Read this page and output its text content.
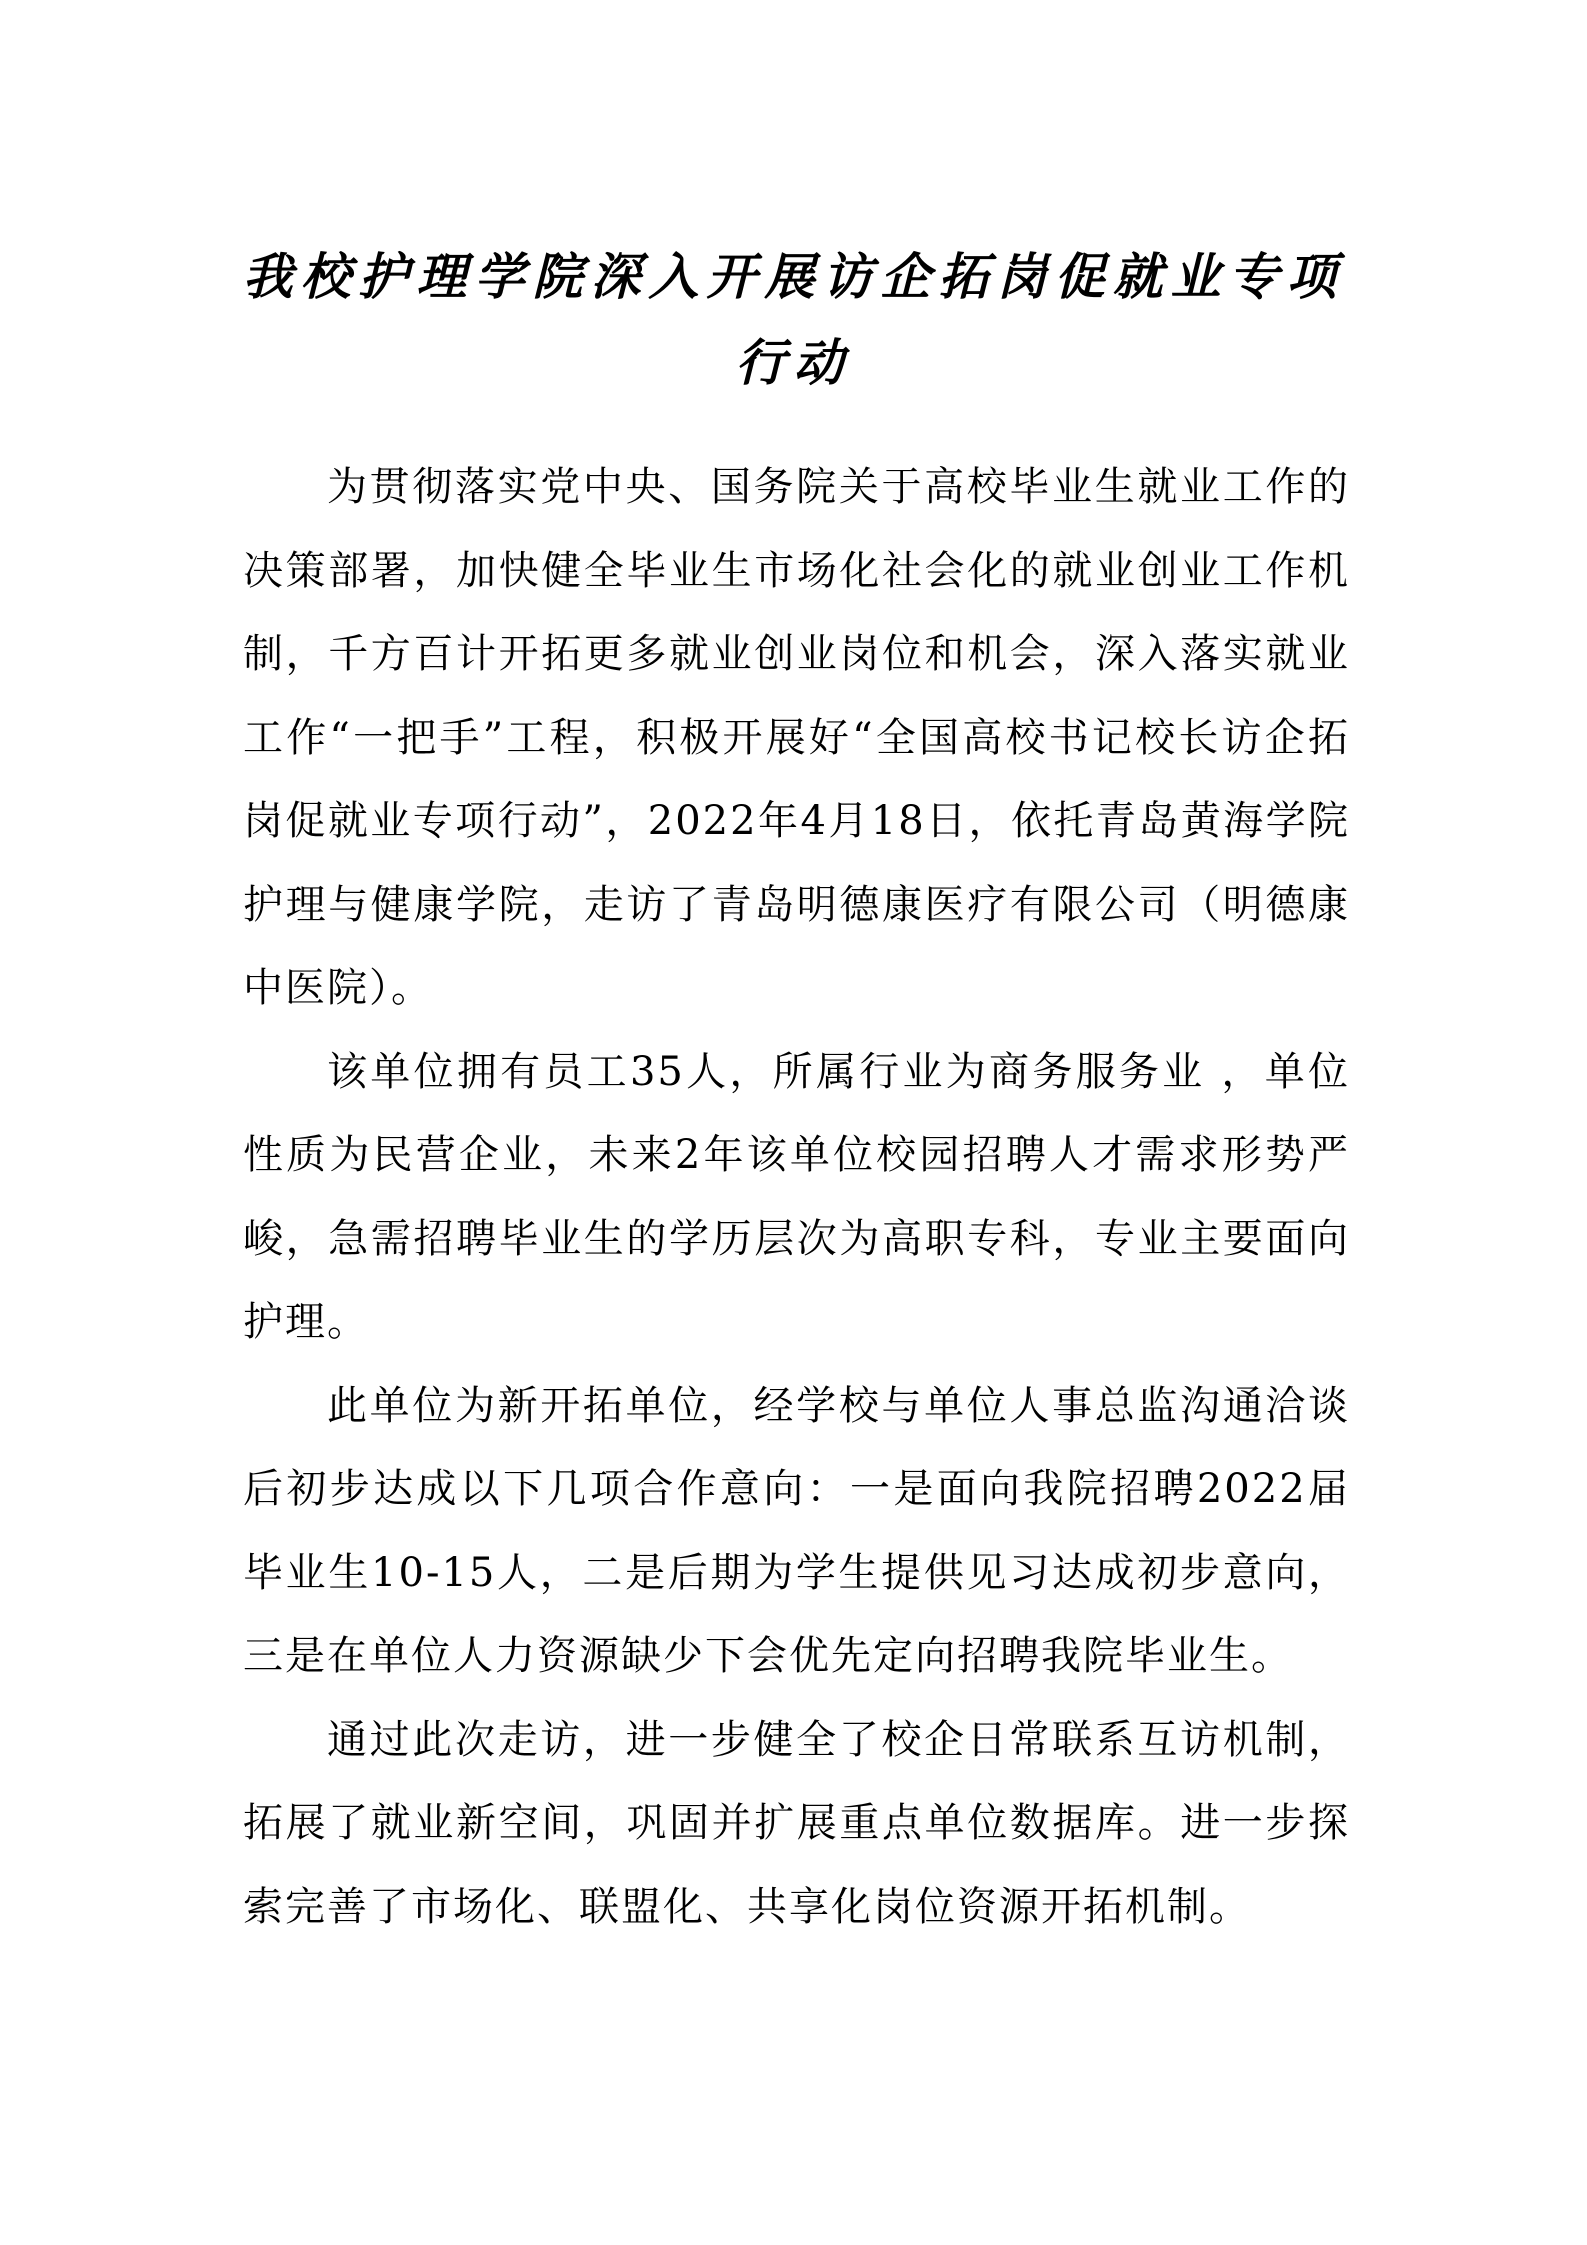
我校护理学院深入开展访企拓岗促就业专项行动

为贯彻落实党中央、国务院关于高校毕业生就业工作的决策部署，加快健全毕业生市场化社会化的就业创业工作机制，千方百计开拓更多就业创业岗位和机会，深入落实就业工作“一把手”工程，积极开展好“全国高校书记校长访企拓岗促就业专项行动”，2022年4月18日，依托青岛黄海学院护理与健康学院，走访了青岛明德康医疗有限公司（明德康中医院）。

该单位拥有员工35人，所属行业为商务服务业 ，单位性质为民营企业，未来2年该单位校园招聘人才需求形势严峻，急需招聘毕业生的学历层次为高职专科，专业主要面向护理。

此单位为新开拓单位，经学校与单位人事总监沟通洽谈后初步达成以下几项合作意向：一是面向我院招聘2022届毕业生10-15人，二是后期为学生提供见习达成初步意向，三是在单位人力资源缺少下会优先定向招聘我院毕业生。

通过此次走访，进一步健全了校企日常联系互访机制，拓展了就业新空间，巩固并扩展重点单位数据库。进一步探索完善了市场化、联盟化、共享化岗位资源开拓机制。
